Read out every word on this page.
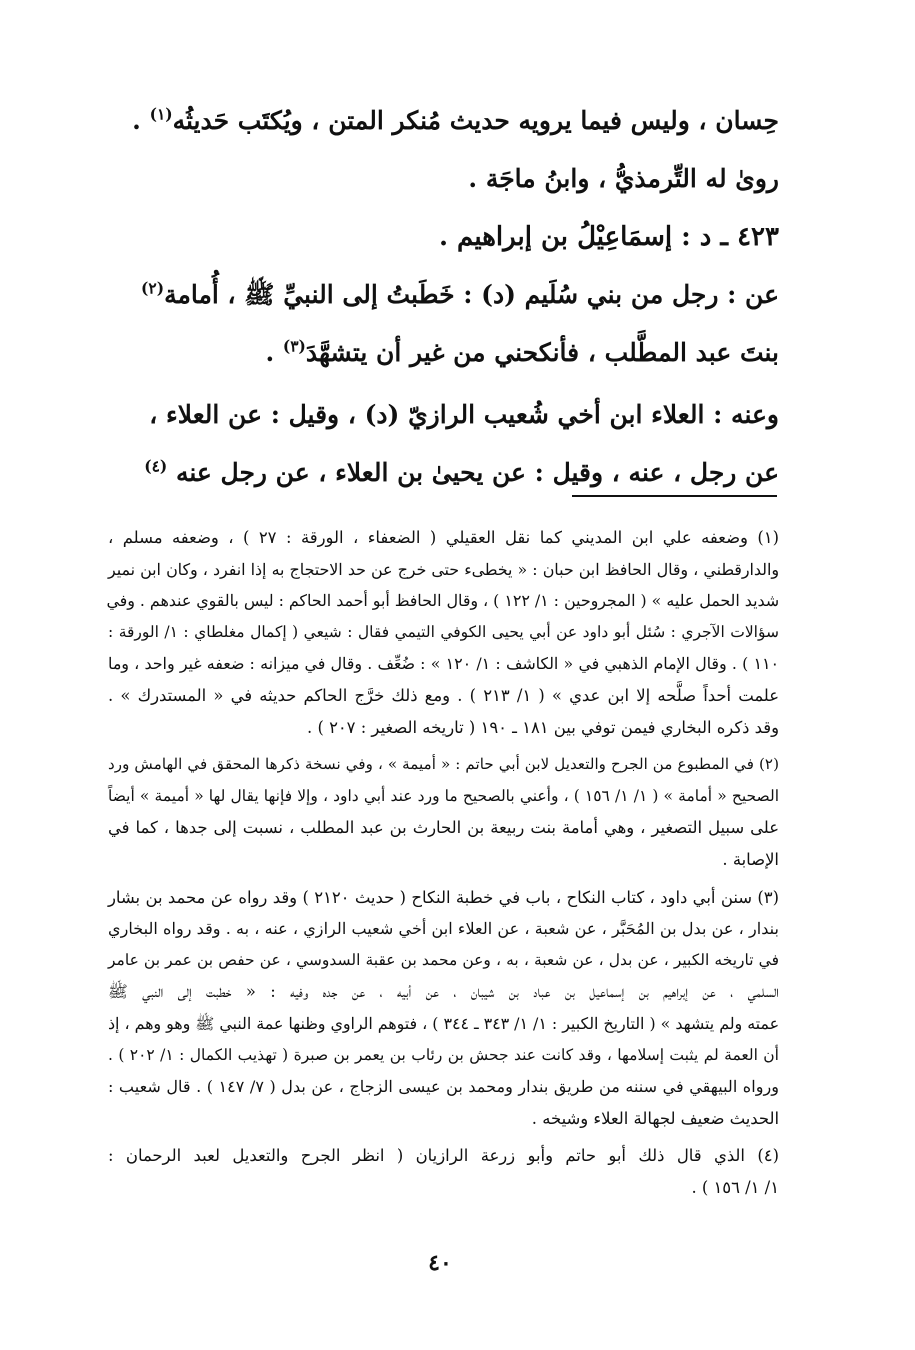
حِسان ، وليس فيما يرويه حديث مُنكر المتن ، ويُكتَب حَديثُه$^{(١)}$ .

روىٰ له التِّرمذيُّ ، وابنُ ماجَة .

٤٢٣ ـ د : إسمَاعِيْلُ بن إبراهيم .

عن : رجل من بني سُلَيم (د) : خَطَبتُ إلى النبيِّ ﷺ ، أُمامة$^{(٢)}$

بنتَ عبد المطَّلب ، فأنكحني من غير أن يتشهَّدَ$^{(٣)}$ .

وعنه : العلاء ابن أخي شُعيب الرازيّ (د) ، وقيل : عن العلاء ،

عن رجل ، عنه ، وقيل : عن يحيىٰ بن العلاء ، عن رجل عنه $^{(٤)}$

(١) وضعفه علي ابن المديني كما نقل العقيلي ( الضعفاء ، الورقة : ٢٧ ) ، وضعفه مسلم ،

والدارقطني ، وقال الحافظ ابن حبان : « يخطىء حتى خرج عن حد الاحتجاج به إذا انفرد ، وكان ابن نمير

شديد الحمل عليه » ( المجروحين : ١/ ١٢٢ ) ، وقال الحافظ أبو أحمد الحاكم : ليس بالقوي عندهم . وفي

سؤالات الآجري : سُئل أبو داود عن أبي يحيى الكوفي التيمي فقال : شيعي ( إكمال مغلطاي : ١/ الورقة :

١١٠ ) . وقال الإمام الذهبي في « الكاشف : ١/ ١٢٠ » : ضُعِّف . وقال في ميزانه : ضعفه غير واحد ، وما

علمت أحداً صلَّحه إلا ابن عدي » ( ١/ ٢١٣ ) . ومع ذلك خرَّج الحاكم حديثه في « المستدرك » .

وقد ذكره البخاري فيمن توفي بين ١٨١ ـ ١٩٠ ( تاريخه الصغير : ٢٠٧ ) .

(٢) في المطبوع من الجرح والتعديل لابن أبي حاتم : « أميمة » ، وفي نسخة ذكرها المحقق في الهامش ورد

الصحيح « أمامة » ( ١/ ١/ ١٥٦ ) ، وأعني بالصحيح ما ورد عند أبي داود ، وإلا فإنها يقال لها « أميمة » أيضاً

على سبيل التصغير ، وهي أمامة بنت ربيعة بن الحارث بن عبد المطلب ، نسبت إلى جدها ، كما في

الإصابة .

(٣) سنن أبي داود ، كتاب النكاح ، باب في خطبة النكاح ( حديث ٢١٢٠ ) وقد رواه عن محمد بن بشار

بندار ، عن بدل بن المُحَبَّر ، عن شعبة ، عن العلاء ابن أخي شعيب الرازي ، عنه ، به . وقد رواه البخاري

في تاريخه الكبير ، عن بدل ، عن شعبة ، به ، وعن محمد بن عقبة السدوسي ، عن حفص بن عمر بن عامر

السلمي ، عن إبراهيم بن إسماعيل بن عباد بن شيبان ، عن أبيه ، عن جده وفيه : « خطبت إلى النبي ﷺ

عمته ولم يتشهد » ( التاريخ الكبير : ١/ ١/ ٣٤٣ ـ ٣٤٤ ) ، فتوهم الراوي وظنها عمة النبي ﷺ وهو وهم ، إذ

أن العمة لم يثبت إسلامها ، وقد كانت عند جحش بن رئاب بن يعمر بن صبرة ( تهذيب الكمال : ١/ ٢٠٢ ) .

ورواه البيهقي في سننه من طريق بندار ومحمد بن عيسى الزجاج ، عن بدل ( ٧/ ١٤٧ ) . قال شعيب :

الحديث ضعيف لجهالة العلاء وشيخه .

(٤) الذي قال ذلك أبو حاتم وأبو زرعة الرازيان ( انظر الجرح والتعديل لعبد الرحمان :

١/ ١/ ١٥٦ ) .

٤٠
